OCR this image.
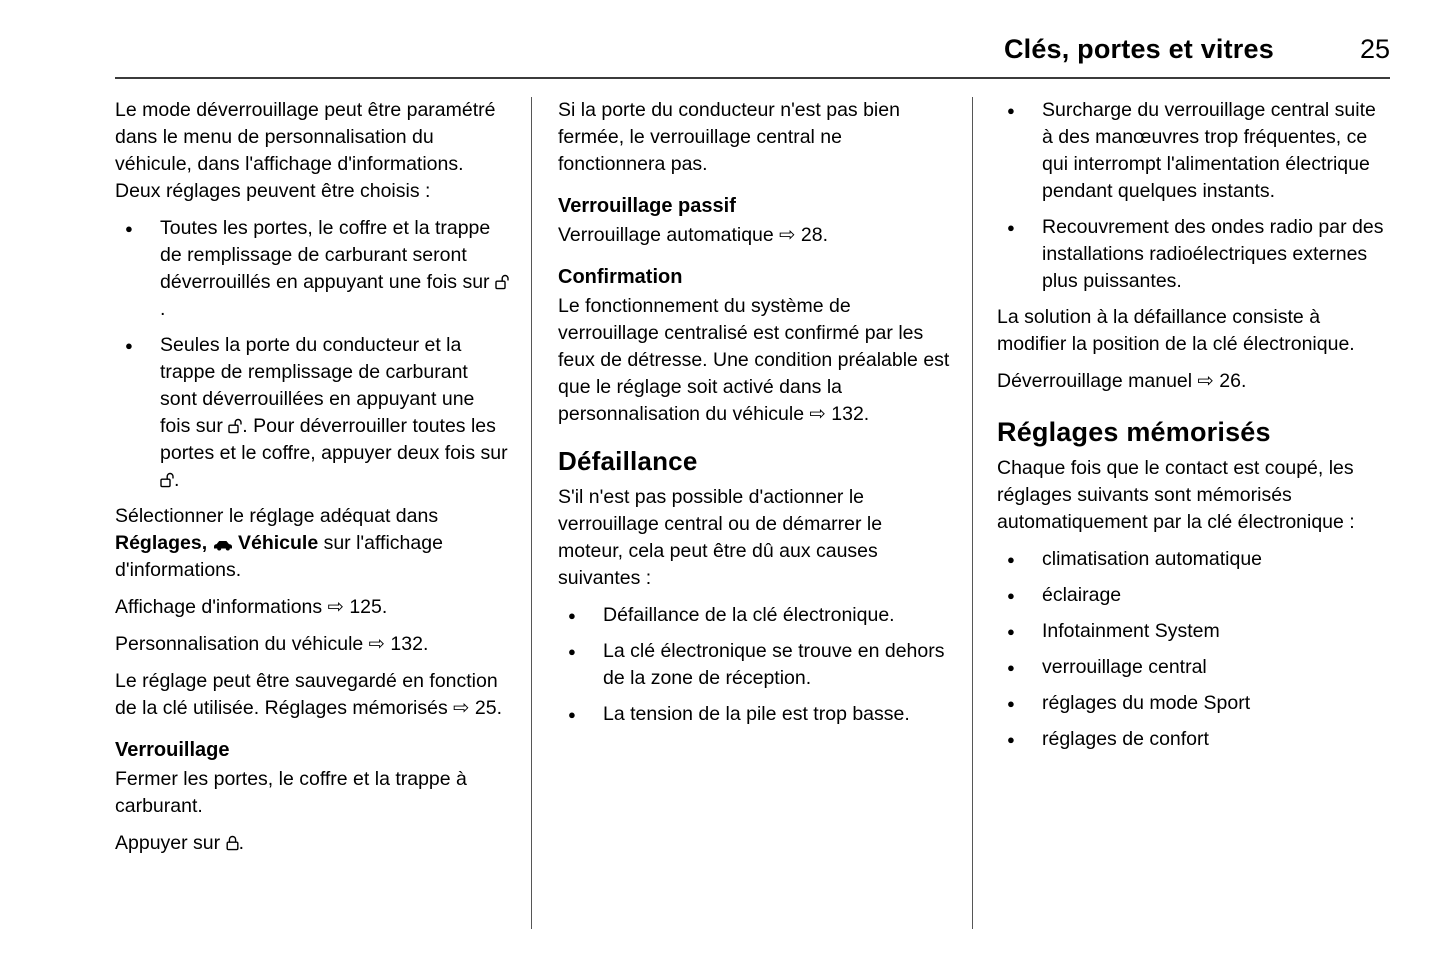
Clés, portes et vitres	25

Le mode déverrouillage peut être paramétré dans le menu de personnalisation du véhicule, dans l'affichage d'informations. Deux réglages peuvent être choisis :

● Toutes les portes, le coffre et la trappe de remplissage de carburant seront déverrouillés en appuyant une fois sur .
● Seules la porte du conducteur et la trappe de remplissage de carburant sont déverrouillées en appuyant une fois sur . Pour déverrouiller toutes les portes et le coffre, appuyer deux fois sur .

Sélectionner le réglage adéquat dans Réglages,  Véhicule sur l'affichage d'informations.

Affichage d'informations ⇨ 125.

Personnalisation du véhicule ⇨ 132.

Le réglage peut être sauvegardé en fonction de la clé utilisée. Réglages mémorisés ⇨ 25.

Verrouillage

Fermer les portes, le coffre et la trappe à carburant.

Appuyer sur .

Si la porte du conducteur n'est pas bien fermée, le verrouillage central ne fonctionnera pas.

Verrouillage passif

Verrouillage automatique ⇨ 28.

Confirmation

Le fonctionnement du système de verrouillage centralisé est confirmé par les feux de détresse. Une condition préalable est que le réglage soit activé dans la personnalisation du véhicule ⇨ 132.

Défaillance

S'il n'est pas possible d'actionner le verrouillage central ou de démarrer le moteur, cela peut être dû aux causes suivantes :

● Défaillance de la clé électronique.
● La clé électronique se trouve en dehors de la zone de réception.
● La tension de la pile est trop basse.
● Surcharge du verrouillage central suite à des manœuvres trop fréquentes, ce qui interrompt l'alimentation électrique pendant quelques instants.
● Recouvrement des ondes radio par des installations radioélectriques externes plus puissantes.

La solution à la défaillance consiste à modifier la position de la clé électronique.

Déverrouillage manuel ⇨ 26.

Réglages mémorisés

Chaque fois que le contact est coupé, les réglages suivants sont mémorisés automatiquement par la clé électronique :

● climatisation automatique
● éclairage
● Infotainment System
● verrouillage central
● réglages du mode Sport
● réglages de confort
